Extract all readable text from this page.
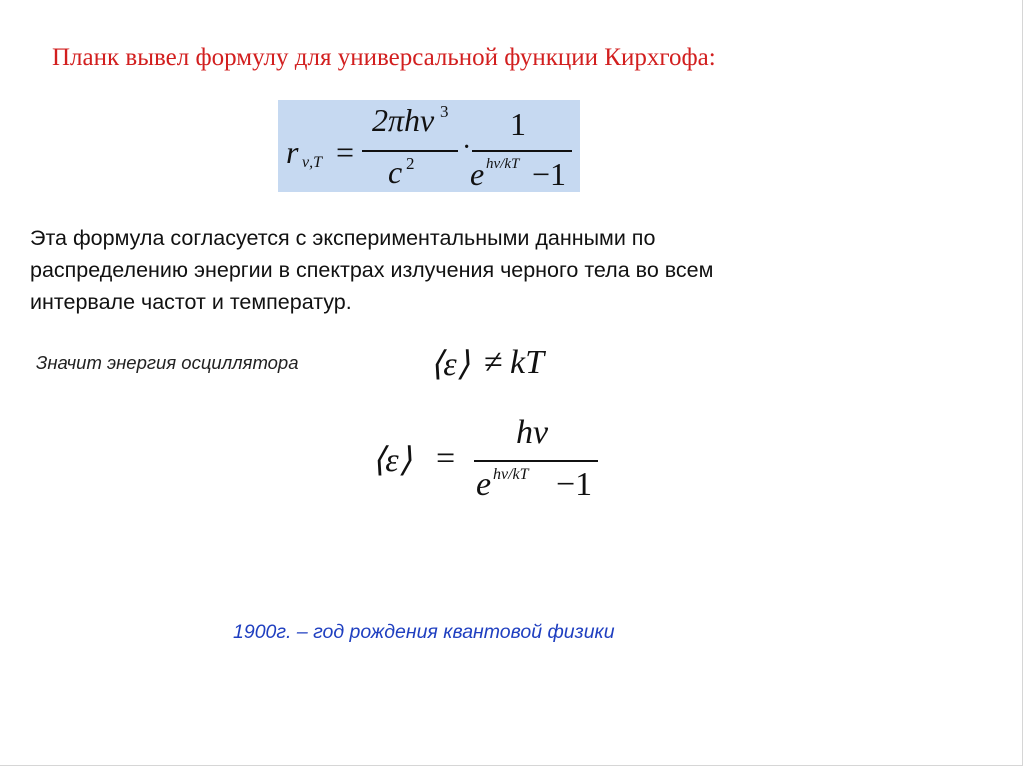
Планк вывел формулу для универсальной функции Кирхгофа:
r ν,T =
2πhν 3
c 2
·
1
e hν/kT −1
Эта формула согласуется с экспериментальными данными по
распределению энергии в спектрах излучения черного тела во всем
интервале частот и температур.
Значит энергия осциллятора	⟨ε⟩ ≠ kT
⟨ε⟩ =
hν
e hν/kT −1
1900г. – год рождения квантовой физики
